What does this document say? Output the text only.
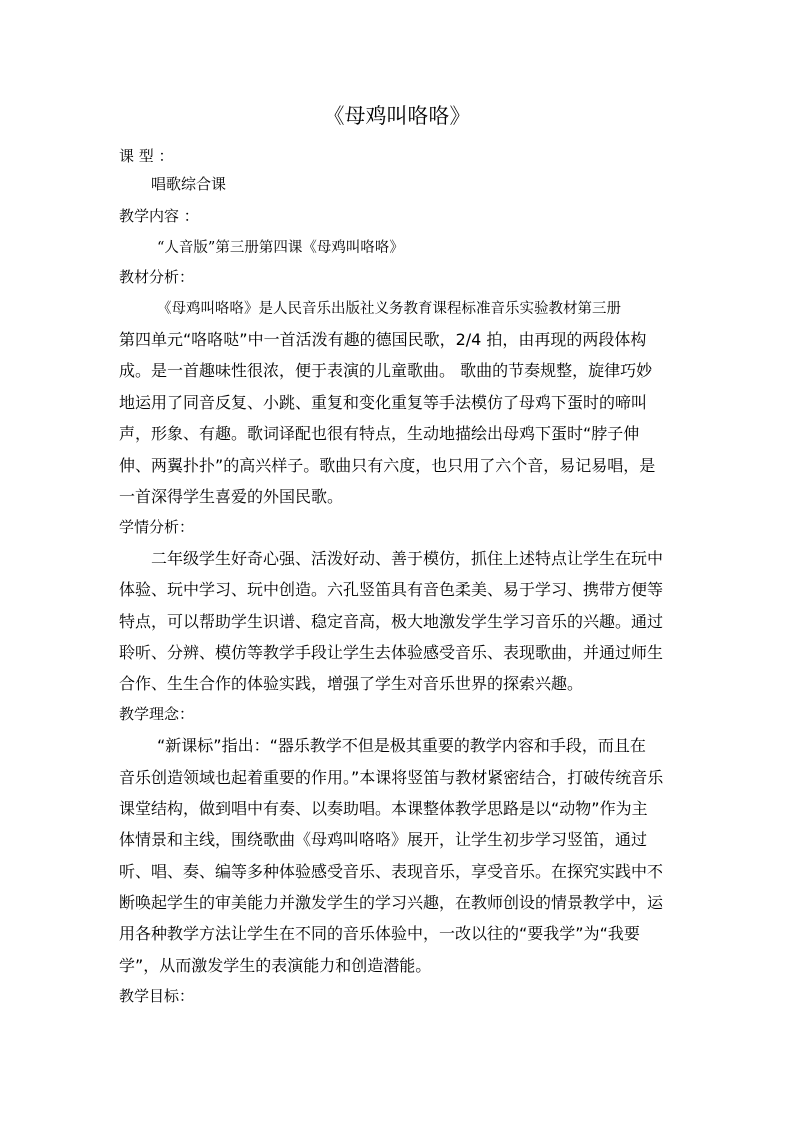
《母鸡叫咯咯》
课 型 ：
唱歌综合课
教学内容 ：
“人音版”第三册第四课《母鸡叫咯咯》
教材分析：
《母鸡叫咯咯》是人民音乐出版社义务教育课程标准音乐实验教材第三册
第四单元“咯咯哒”中一首活泼有趣的德国民歌，2/4 拍，由再现的两段体构
成。是一首趣味性很浓，便于表演的儿童歌曲。 歌曲的节奏规整，旋律巧妙
地运用了同音反复、小跳、重复和变化重复等手法模仿了母鸡下蛋时的啼叫
声，形象、有趣。歌词译配也很有特点，生动地描绘出母鸡下蛋时“脖子伸
伸、两翼扑扑”的高兴样子。歌曲只有六度，也只用了六个音，易记易唱，是
一首深得学生喜爱的外国民歌。
学情分析：
二年级学生好奇心强、活泼好动、善于模仿，抓住上述特点让学生在玩中
体验、玩中学习、玩中创造。六孔竖笛具有音色柔美、易于学习、携带方便等
特点，可以帮助学生识谱、稳定音高，极大地激发学生学习音乐的兴趣。通过
聆听、分辨、模仿等教学手段让学生去体验感受音乐、表现歌曲，并通过师生
合作、生生合作的体验实践，增强了学生对音乐世界的探索兴趣。
教学理念：
“新课标”指出：“器乐教学不但是极其重要的教学内容和手段，而且在
音乐创造领域也起着重要的作用。”本课将竖笛与教材紧密结合，打破传统音乐
课堂结构，做到唱中有奏、以奏助唱。本课整体教学思路是以“动物”作为主
体情景和主线，围绕歌曲《母鸡叫咯咯》展开，让学生初步学习竖笛，通过
听、唱、奏、编等多种体验感受音乐、表现音乐，享受音乐。在探究实践中不
断唤起学生的审美能力并激发学生的学习兴趣，在教师创设的情景教学中，运
用各种教学方法让学生在不同的音乐体验中，一改以往的“要我学”为“我要
学”，从而激发学生的表演能力和创造潜能。
教学目标：
